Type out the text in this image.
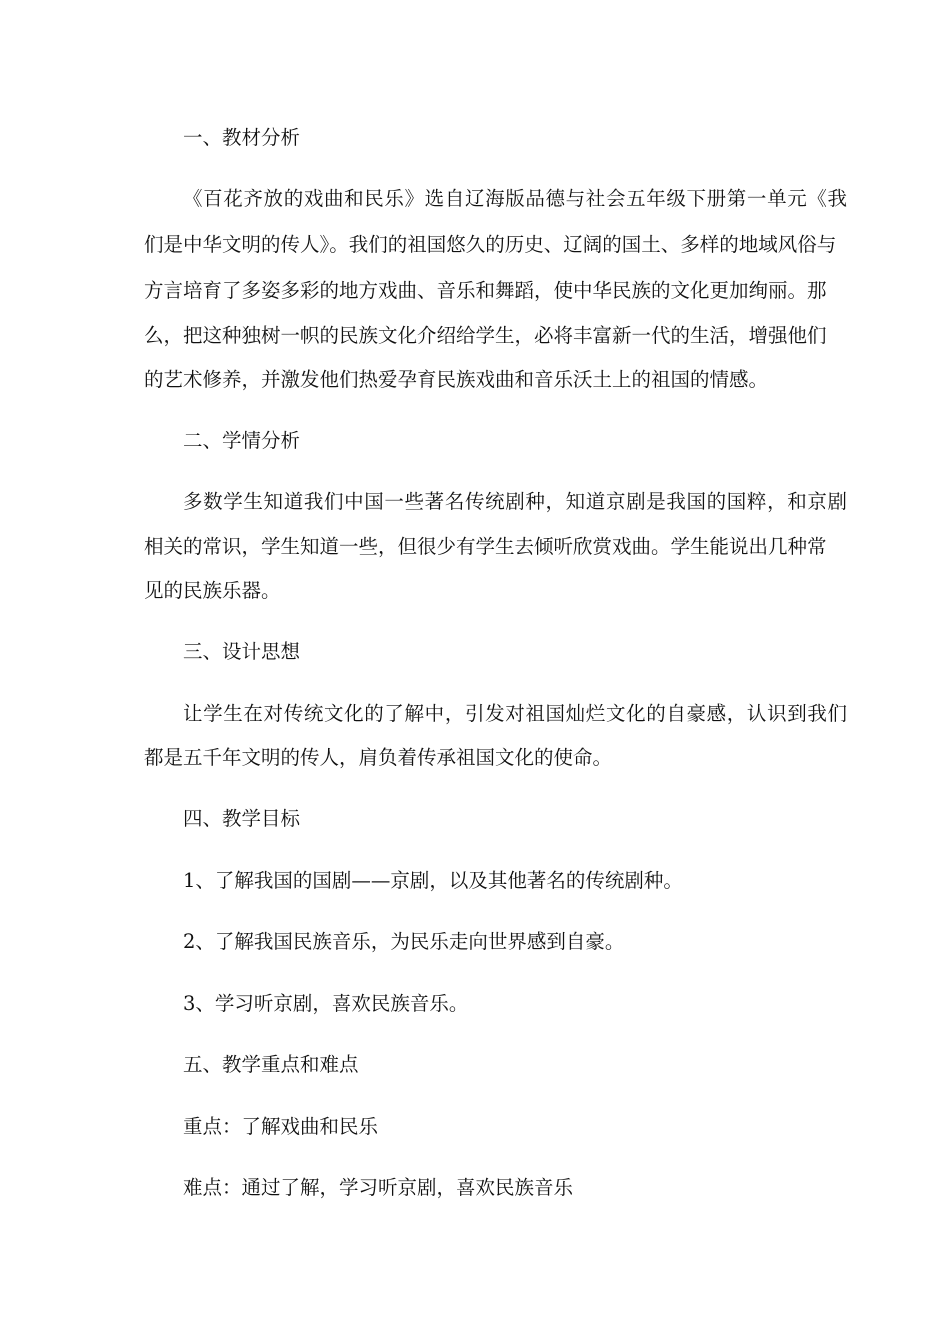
一、教材分析
《百花齐放的戏曲和民乐》选自辽海版品德与社会五年级下册第一单元《我
们是中华文明的传人》。我们的祖国悠久的历史、辽阔的国土、多样的地域风俗与
方言培育了多姿多彩的地方戏曲、音乐和舞蹈，使中华民族的文化更加绚丽。那
么，把这种独树一帜的民族文化介绍给学生，必将丰富新一代的生活，增强他们
的艺术修养，并激发他们热爱孕育民族戏曲和音乐沃土上的祖国的情感。
二、学情分析
多数学生知道我们中国一些著名传统剧种，知道京剧是我国的国粹，和京剧
相关的常识，学生知道一些，但很少有学生去倾听欣赏戏曲。学生能说出几种常
见的民族乐器。
三、设计思想
让学生在对传统文化的了解中，引发对祖国灿烂文化的自豪感，认识到我们
都是五千年文明的传人，肩负着传承祖国文化的使命。
四、教学目标
1、了解我国的国剧——京剧，以及其他著名的传统剧种。
2、了解我国民族音乐，为民乐走向世界感到自豪。
3、学习听京剧，喜欢民族音乐。
五、教学重点和难点
重点：了解戏曲和民乐
难点：通过了解，学习听京剧，喜欢民族音乐
